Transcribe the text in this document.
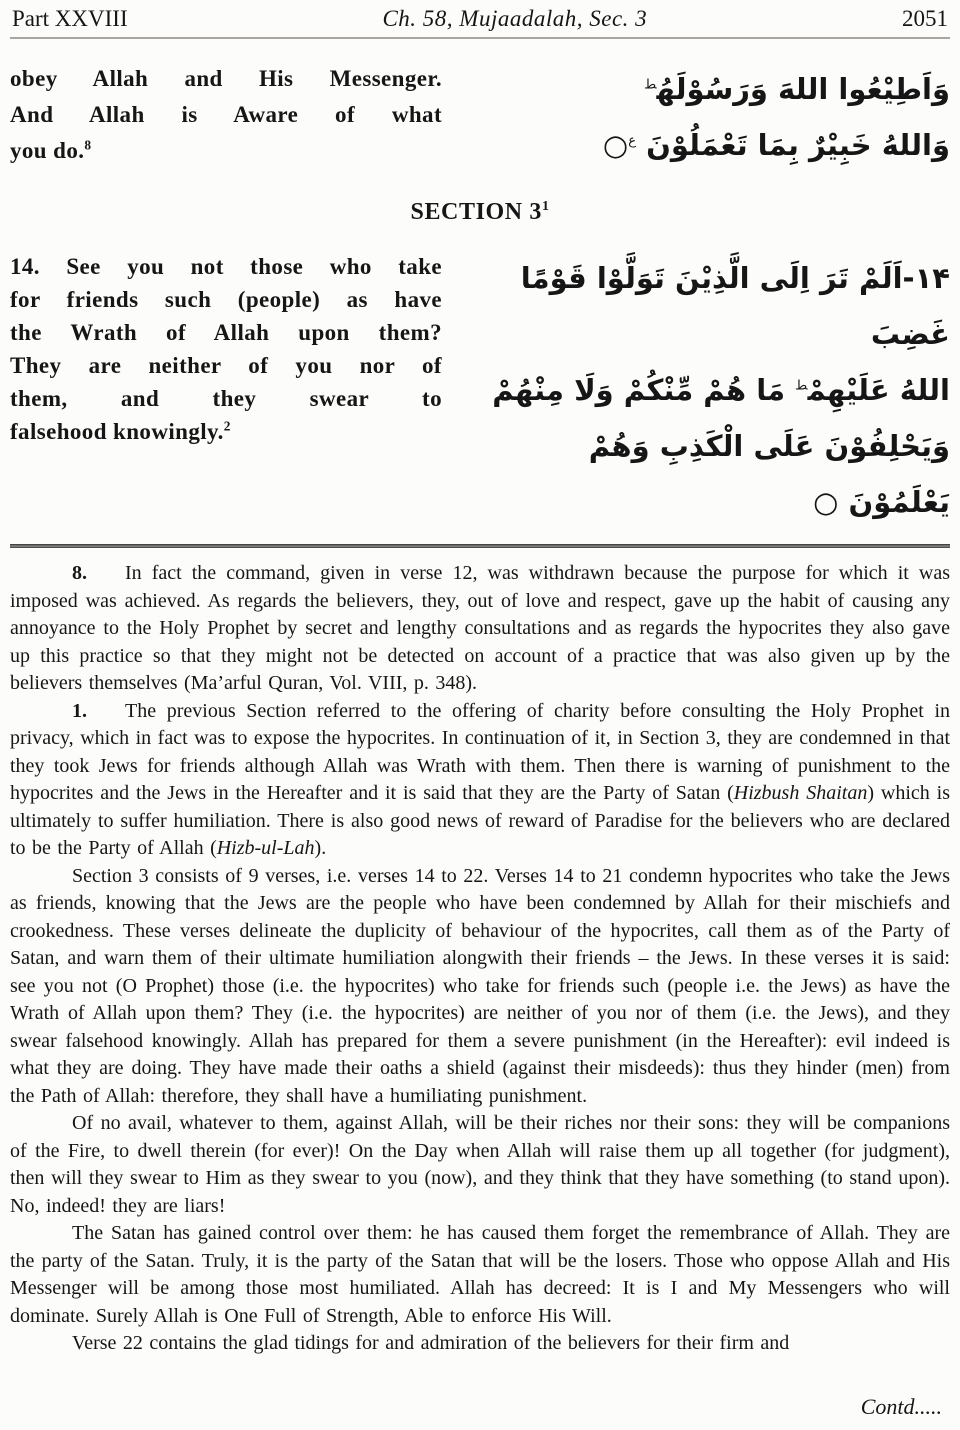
Part XXVIII	Ch. 58, Mujaadalah, Sec. 3	2051
obey Allah and His Messenger.
And Allah is Aware of what
you do.$^8$
وَاَطِيْعُوا اللهَ وَرَسُوْلَهُ$^ط$
وَاللهُ خَبِيْرٌ بِمَا تَعْمَلُوْنَ $^ع$○
SECTION $3^1$
14. See you not those who take
for friends such (people) as have
the Wrath of Allah upon them?
They are neither of you nor of
them, and they swear to
falsehood knowingly.$^2$
۱۴-اَلَمْ تَرَ اِلَى الَّذِيْنَ تَوَلَّوْا قَوْمًا غَضِبَ
اللهُ عَلَيْهِمْ$^ط$ مَا هُمْ مِّنْكُمْ وَلَا مِنْهُمْ
وَيَحْلِفُوْنَ عَلَى الْكَذِبِ وَهُمْ يَعْلَمُوْنَ ○

8. In fact the command, given in verse 12, was withdrawn because the purpose for which it was imposed was achieved. As regards the believers, they, out of love and respect, gave up the habit of causing any annoyance to the Holy Prophet by secret and lengthy consultations and as regards the hypocrites they also gave up this practice so that they might not be detected on account of a practice that was also given up by the believers themselves (Ma’arful Quran, Vol. VIII, p. 348).

1. The previous Section referred to the offering of charity before consulting the Holy Prophet in privacy, which in fact was to expose the hypocrites. In continuation of it, in Section 3, they are condemned in that they took Jews for friends although Allah was Wrath with them. Then there is warning of punishment to the hypocrites and the Jews in the Hereafter and it is said that they are the Party of Satan (Hizbush Shaitan) which is ultimately to suffer humiliation. There is also good news of reward of Paradise for the believers who are declared to be the Party of Allah (Hizb-ul-Lah).

Section 3 consists of 9 verses, i.e. verses 14 to 22. Verses 14 to 21 condemn hypocrites who take the Jews as friends, knowing that the Jews are the people who have been condemned by Allah for their mischiefs and crookedness. These verses delineate the duplicity of behaviour of the hypocrites, call them as of the Party of Satan, and warn them of their ultimate humiliation alongwith their friends – the Jews. In these verses it is said: see you not (O Prophet) those (i.e. the hypocrites) who take for friends such (people i.e. the Jews) as have the Wrath of Allah upon them? They (i.e. the hypocrites) are neither of you nor of them (i.e. the Jews), and they swear falsehood knowingly. Allah has prepared for them a severe punishment (in the Hereafter): evil indeed is what they are doing. They have made their oaths a shield (against their misdeeds): thus they hinder (men) from the Path of Allah: therefore, they shall have a humiliating punishment.

Of no avail, whatever to them, against Allah, will be their riches nor their sons: they will be companions of the Fire, to dwell therein (for ever)! On the Day when Allah will raise them up all together (for judgment), then will they swear to Him as they swear to you (now), and they think that they have something (to stand upon). No, indeed! they are liars!

The Satan has gained control over them: he has caused them forget the remembrance of Allah. They are the party of the Satan. Truly, it is the party of the Satan that will be the losers. Those who oppose Allah and His Messenger will be among those most humiliated. Allah has decreed: It is I and My Messengers who will dominate. Surely Allah is One Full of Strength, Able to enforce His Will.

Verse 22 contains the glad tidings for and admiration of the believers for their firm and

Contd.....
